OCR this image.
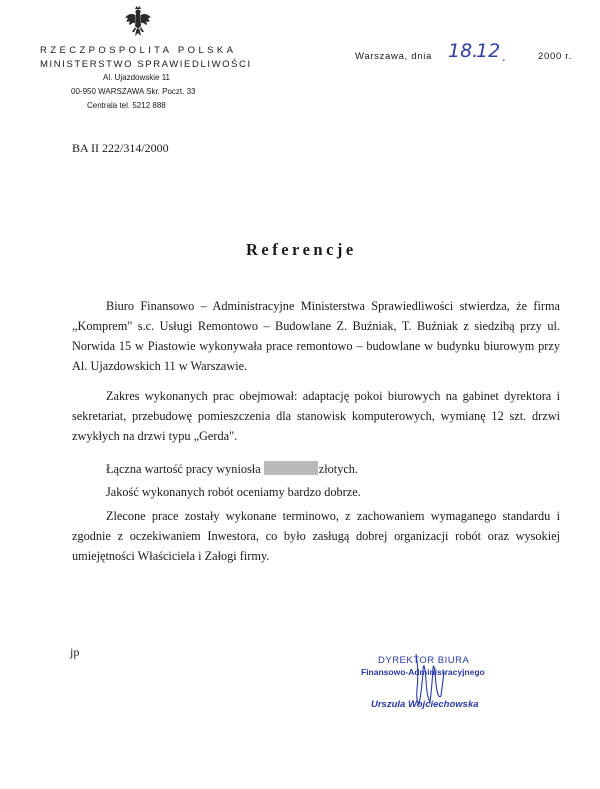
RZECZPOSPOLITA POLSKA
MINISTERSTWO SPRAWIEDLIWOŚCI
Al. Ujazdowskie 11
00-950 WARSZAWA Skr. Poczt. 33
Centrala tel. 5212 888
Warszawa, dnia 18.
12 .	2000 r.
BA II 222/314/2000
Referencje

Biuro Finansowo – Administracyjne Ministerstwa Sprawiedliwości stwierdza, że firma „Komprem" s.c. Usługi Remontowo – Budowlane Z. Buźniak, T. Buźniak z siedzibą przy ul. Norwida 15 w Piastowie wykonywała prace remontowo – budowlane w budynku biurowym przy Al. Ujazdowskich 11 w Warszawie.

Zakres wykonanych prac obejmował: adaptację pokoi biurowych na gabinet dyrektora i sekretariat, przebudowę pomieszczenia dla stanowisk komputerowych, wymianę 12 szt. drzwi zwykłych na drzwi typu „Gerda".

Łączna wartość pracy wyniosła	złotych.
Jakość wykonanych robót oceniamy bardzo dobrze.

Zlecone prace zostały wykonane terminowo, z zachowaniem wymaganego standardu i zgodnie z oczekiwaniem Inwestora, co było zasługą dobrej organizacji robót oraz wysokiej umiejętności Właściciela i Załogi firmy.

jp
DYREKTOR BIURA
Finansowo-Administracyjnego
Urszula Wojciechowska
